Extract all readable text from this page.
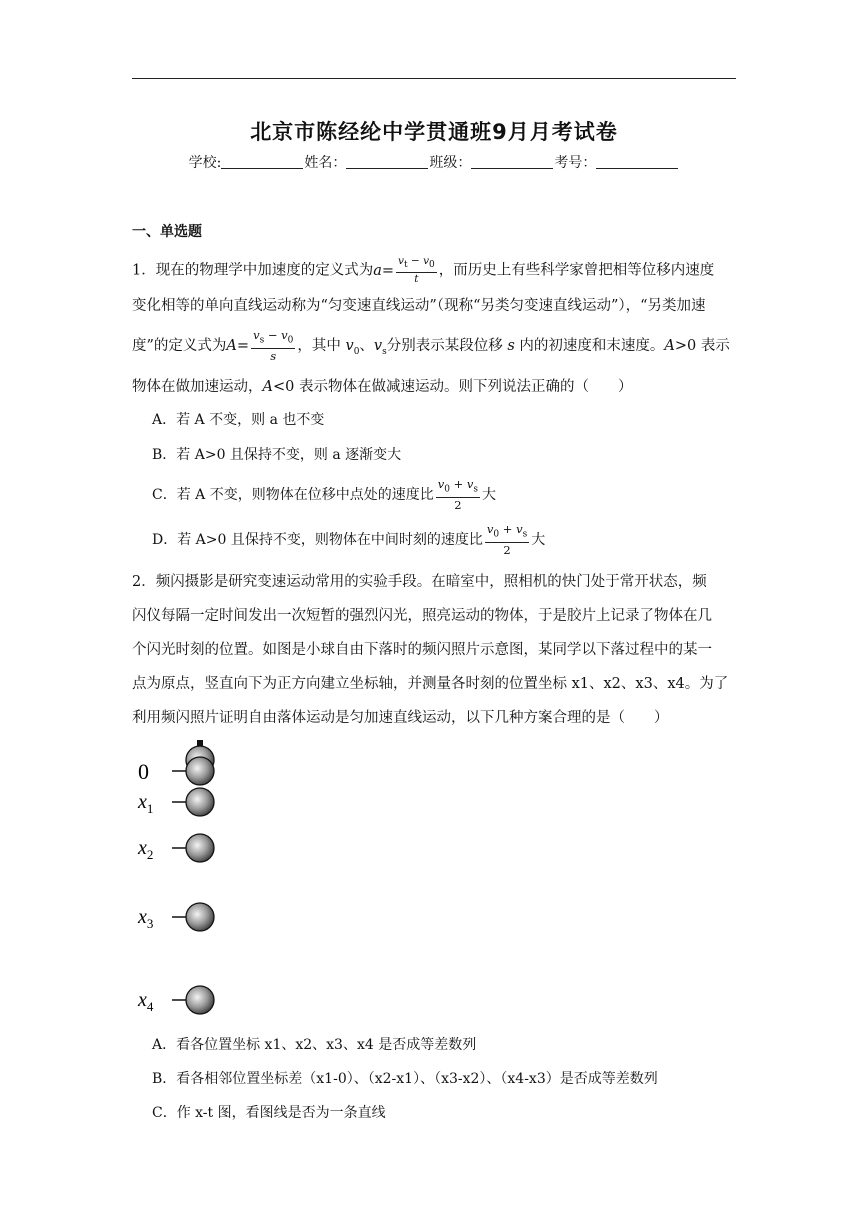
北京市陈经纶中学贯通班9月月考试卷
学校:	姓名：	班级：	考号：
一、单选题
1．现在的物理学中加速度的定义式为$a= \frac{v_t - v_0}{t}$ ，而历史上有些科学家曾把相等位移内速度
变化相等的单向直线运动称为“匀变速直线运动”（现称“另类匀变速直线运动”），“另类加速
度”的定义式为$A= \frac{v_s - v_0}{s}$ ，其中 $v_0$、$v_s$分别表示某段位移 s 内的初速度和末速度。A>0 表示
物体在做加速运动，A<0 表示物体在做减速运动。则下列说法正确的（　　）
A．若 A 不变，则 a 也不变
B．若 A>0 且保持不变，则 a 逐渐变大
C．若 A 不变，则物体在位移中点处的速度比 $\frac{v_0 + v_s}{2}$ 大
D．若 A>0 且保持不变，则物体在中间时刻的速度比 $\frac{v_0 + v_s}{2}$ 大
2．频闪摄影是研究变速运动常用的实验手段。在暗室中，照相机的快门处于常开状态，频
闪仪每隔一定时间发出一次短暂的强烈闪光，照亮运动的物体，于是胶片上记录了物体在几
个闪光时刻的位置。如图是小球自由下落时的频闪照片示意图，某同学以下落过程中的某一
点为原点，竖直向下为正方向建立坐标轴，并测量各时刻的位置坐标 x1、x2、x3、x4。为了
利用频闪照片证明自由落体运动是匀加速直线运动，以下几种方案合理的是（　　）
0
$x_1$
$x_2$
$x_3$
$x_4$
A．看各位置坐标 x1、x2、x3、x4 是否成等差数列
B．看各相邻位置坐标差（x1-0）、（x2-x1）、（x3-x2）、（x4-x3）是否成等差数列
C．作 x-t 图，看图线是否为一条直线
